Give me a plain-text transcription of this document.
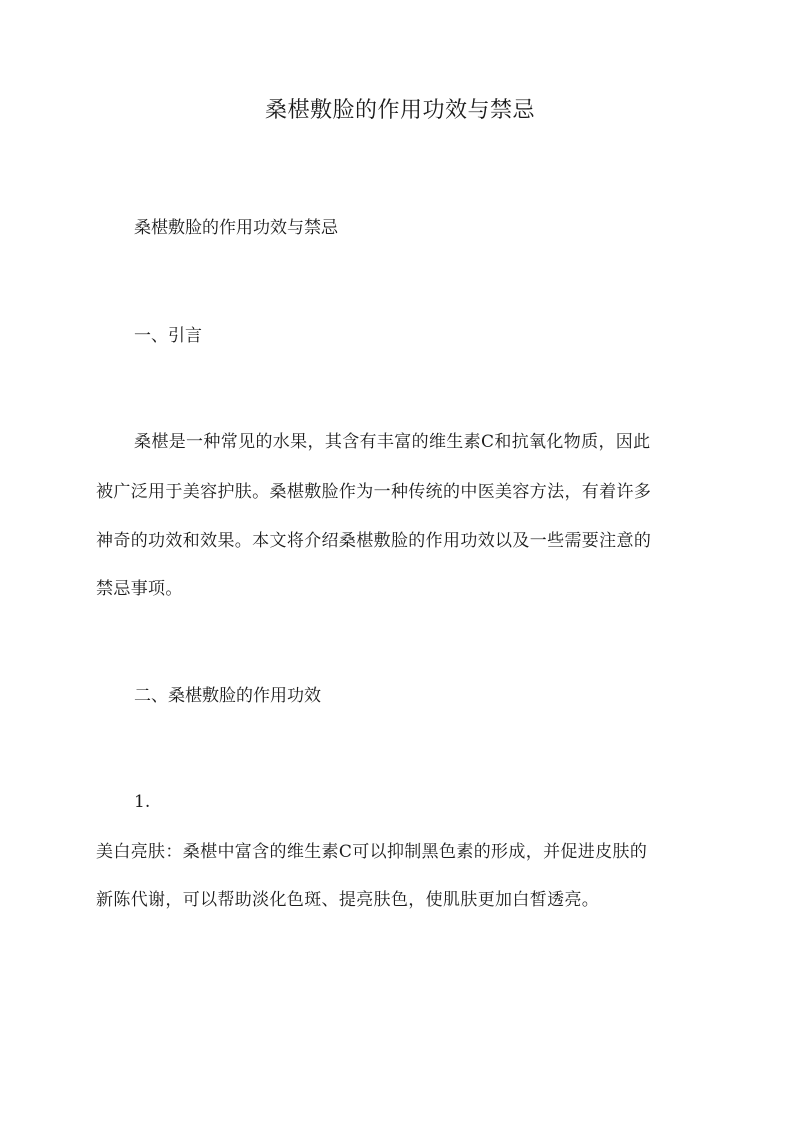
桑椹敷脸的作用功效与禁忌

桑椹敷脸的作用功效与禁忌

一、引言

桑椹是一种常见的水果，其含有丰富的维生素C和抗氧化物质，因此

被广泛用于美容护肤。桑椹敷脸作为一种传统的中医美容方法，有着许多

神奇的功效和效果。本文将介绍桑椹敷脸的作用功效以及一些需要注意的

禁忌事项。

二、桑椹敷脸的作用功效

1.

美白亮肤：桑椹中富含的维生素C可以抑制黑色素的形成，并促进皮肤的

新陈代谢，可以帮助淡化色斑、提亮肤色，使肌肤更加白皙透亮。
